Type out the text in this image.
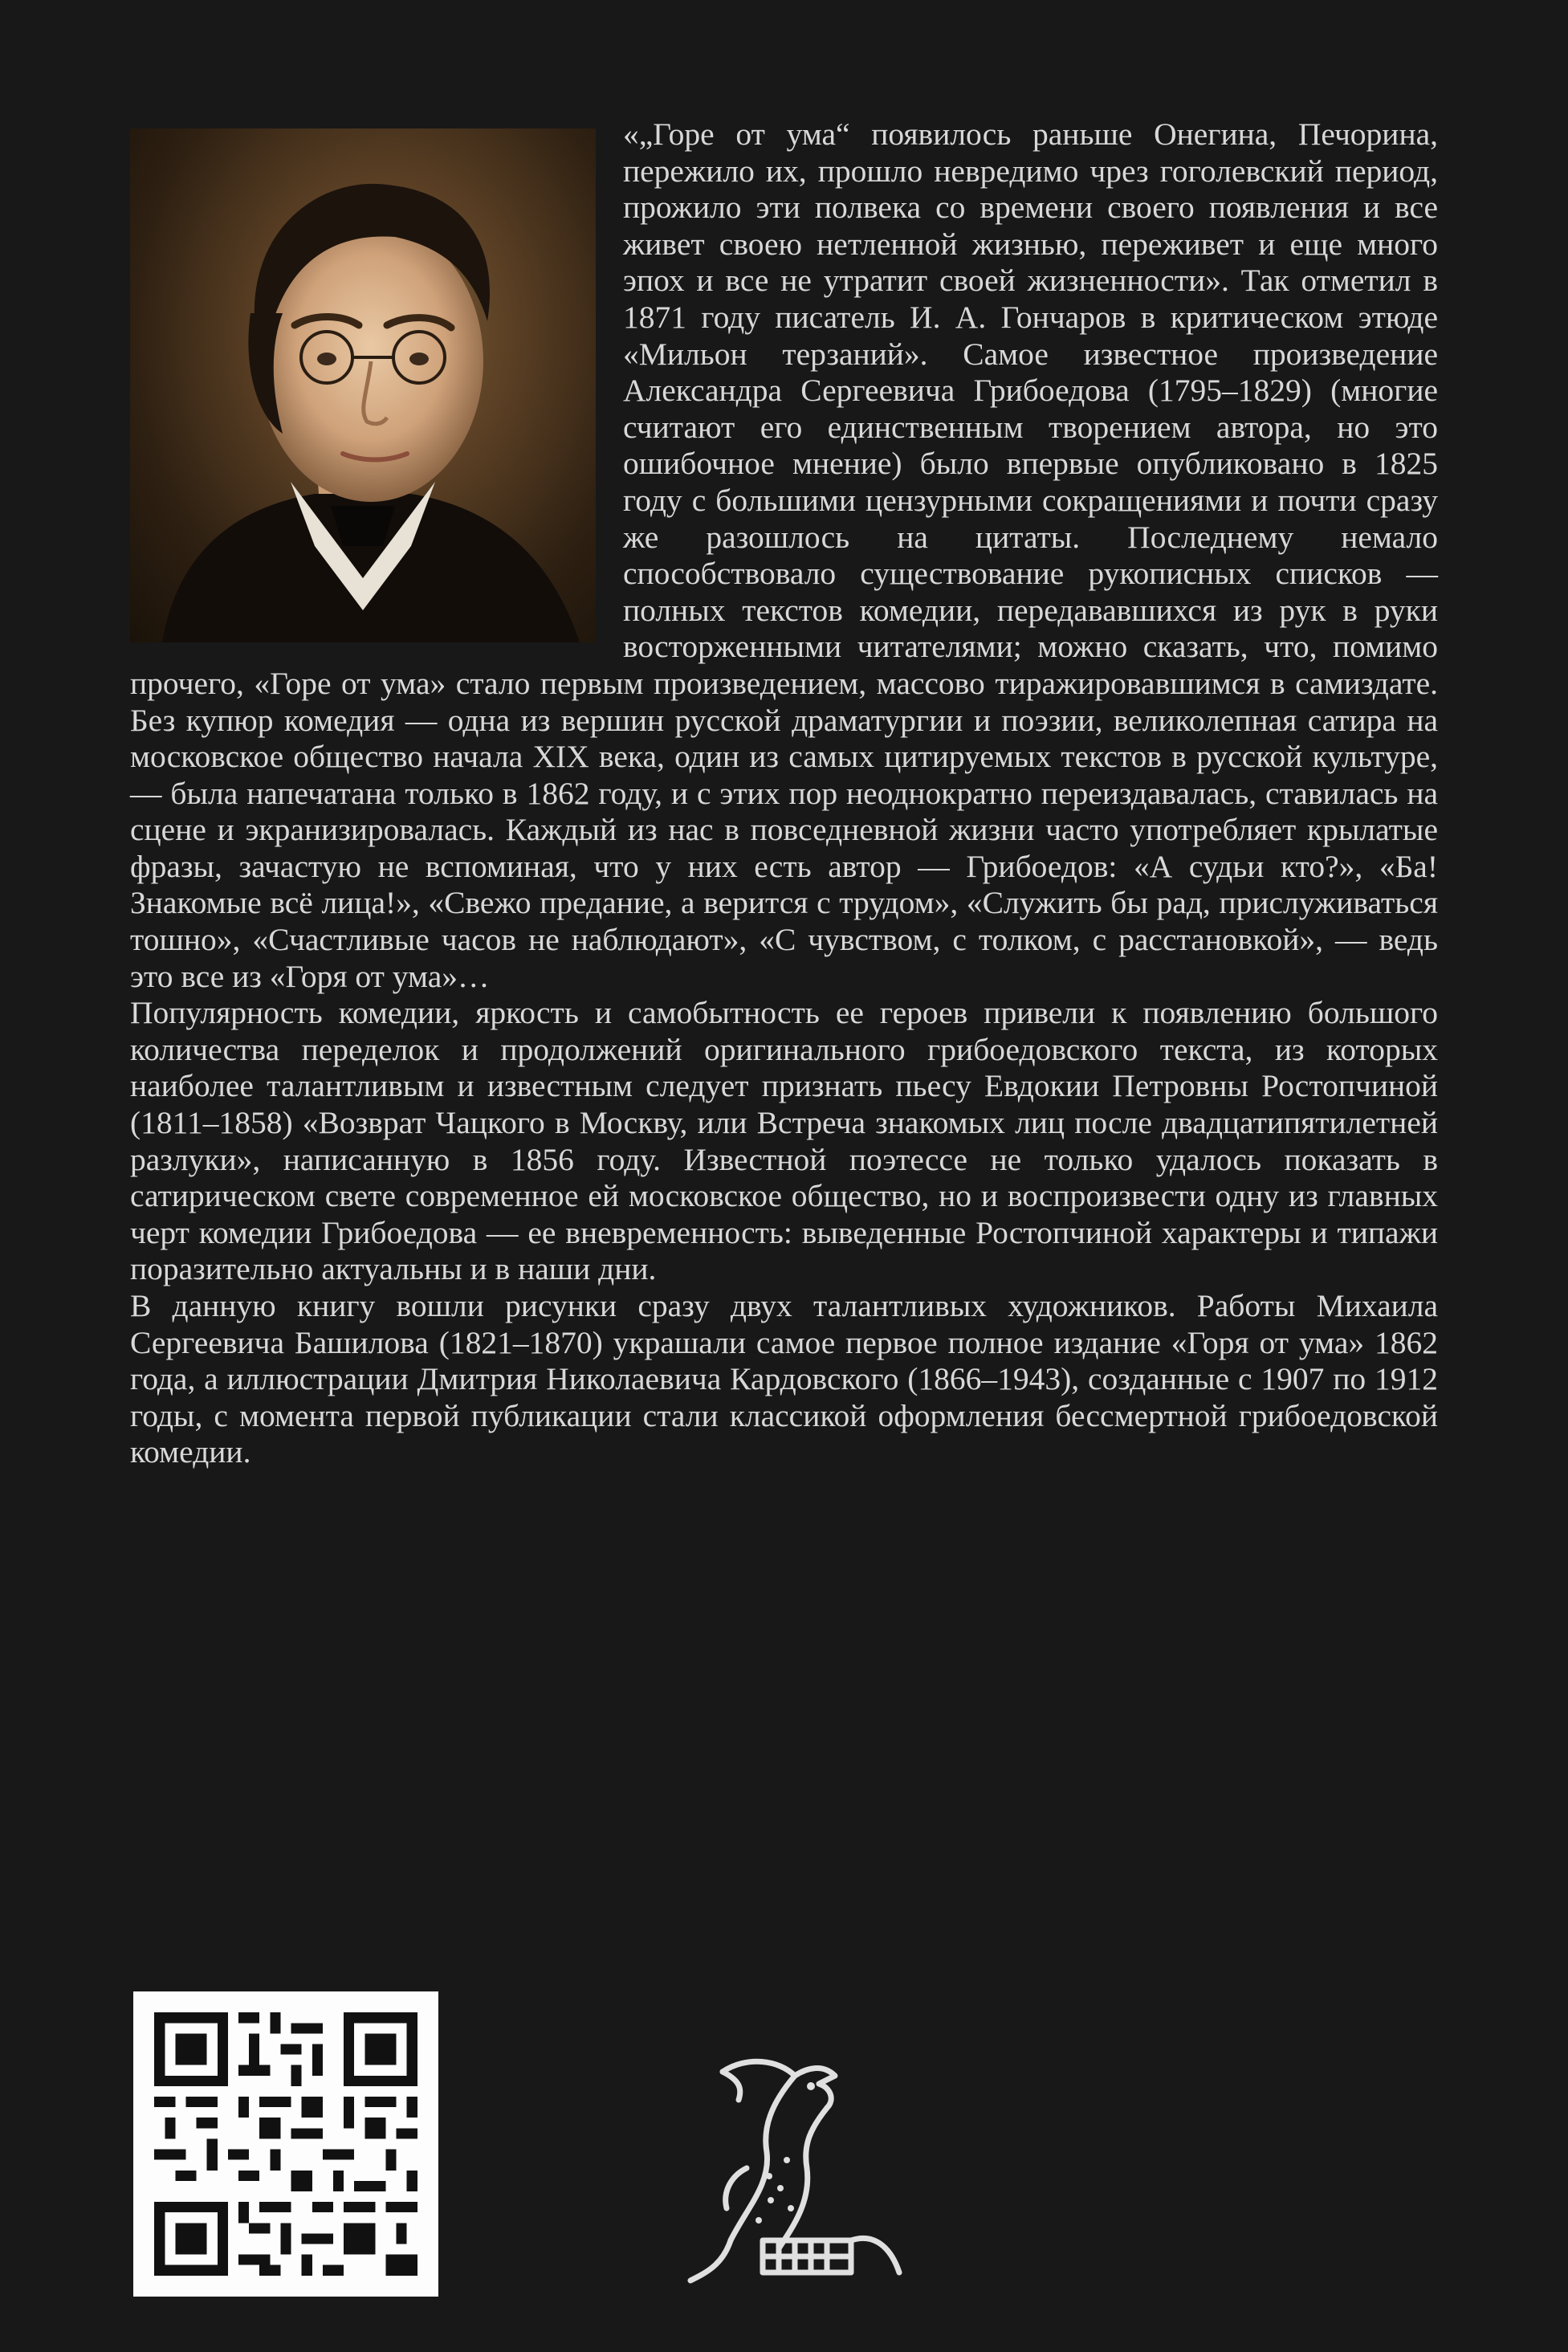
«„Горе от ума“ появилось раньше Онегина, Печорина, пережило их, прошло невредимо чрез гоголевский период, прожило эти полвека со времени своего появления и все живет своею нетленной жизнью, переживет и еще много эпох и все не утратит своей жизненности». Так отметил в 1871 году писатель И. А. Гончаров в критическом этюде «Мильон терзаний». Самое известное произведение Александра Сергеевича Грибоедова (1795–1829) (многие считают его единственным творением автора, но это ошибочное мнение) было впервые опубликовано в 1825 году с большими цензурными сокращениями и почти сразу же разошлось на цитаты. Последнему немало способствовало существование рукописных списков — полных текстов комедии, передававшихся из рук в руки восторженными читателями; можно сказать, что, помимо прочего, «Горе от ума» стало первым произведением, массово тиражировавшимся в самиздате. Без купюр комедия — одна из вершин русской драматургии и поэзии, великолепная сатира на московское общество начала XIX века, один из самых цитируемых текстов в русской культуре, — была напечатана только в 1862 году, и с этих пор неоднократно переиздавалась, ставилась на сцене и экранизировалась. Каждый из нас в повседневной жизни часто употребляет крылатые фразы, зачастую не вспоминая, что у них есть автор — Грибоедов: «А судьи кто?», «Ба! Знакомые всё лица!», «Свежо предание, а верится с трудом», «Служить бы рад, прислуживаться тошно», «Счастливые часов не наблюдают», «С чувством, с толком, с расстановкой», — ведь это все из «Горя от ума»…

Популярность комедии, яркость и самобытность ее героев привели к появлению большого количества переделок и продолжений оригинального грибоедовского текста, из которых наиболее талантливым и известным следует признать пьесу Евдокии Петровны Ростопчиной (1811–1858) «Возврат Чацкого в Москву, или Встреча знакомых лиц после двадцатипятилетней разлуки», написанную в 1856 году. Известной поэтессе не только удалось показать в сатирическом свете современное ей московское общество, но и воспроизвести одну из главных черт комедии Грибоедова — ее вневременность: выведенные Ростопчиной характеры и типажи поразительно актуальны и в наши дни.

В данную книгу вошли рисунки сразу двух талантливых художников. Работы Михаила Сергеевича Башилова (1821–1870) украшали самое первое полное издание «Горя от ума» 1862 года, а иллюстрации Дмитрия Николаевича Кардовского (1866–1943), созданные с 1907 по 1912 годы, с момента первой публикации стали классикой оформления бессмертной грибоедовской комедии.
